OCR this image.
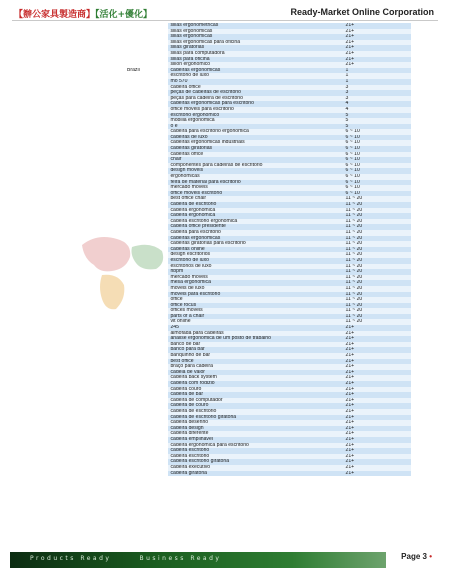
【辦公家具製造商】【活化+優化】	Ready-Market Online Corporation
		sillas ergonometricas	21+
		sillas ergonomicas	21+
		sillas ergonomicas	21+
		sillas ergonomicas para oficina	21+
		sillas giratorias	21+
		sillas para computadora	21+
		sillas para oficina	21+
		sillon ergonomico	21+
Brazil		cadeiras ergonomicas	1
		escritorio de luxo	1
		mo 570	1
		cadeira office	3
		peças de cadeiras de escritorio	3
		peças para cadeira de escritorio	3
		cadeiras ergonomicas para escritorio	4
		office moveis para escritorio	4
		escritorio ergonomico	5
		mobilia ergonomica	5
		o e	5
		cadeira para escritorio ergonomica	6 ~ 10
		cadeiras de luxo	6 ~ 10
		cadeiras ergonomicas industriais	6 ~ 10
		cadeiras giratorias	6 ~ 10
		cadeiras office	6 ~ 10
		chair	6 ~ 10
		componentes para cadeiras de escritório	6 ~ 10
		design moveis	6 ~ 10
		ergonomicas	6 ~ 10
		feira de material para escritorio	6 ~ 10
		mercado moveis	6 ~ 10
		office moveis escritorio	6 ~ 10
		best office chair	11 ~ 20
		cadeira de escritório	11 ~ 20
		cadeira ergonomica	11 ~ 20
		cadeira ergonômica	11 ~ 20
		cadeira escritorio ergonomica	11 ~ 20
		cadeira office presidente	11 ~ 20
		cadeira para escritorio	11 ~ 20
		cadeiras ergonômicas	11 ~ 20
		cadeiras giratorias para escritório	11 ~ 20
		cadeiras online	11 ~ 20
		design escritorios	11 ~ 20
		escritório de luxo	11 ~ 20
		escritorios de luxo	11 ~ 20
		hbpm	11 ~ 20
		mercado moveis	11 ~ 20
		mesa ergonomica	11 ~ 20
		moveis de luxo	11 ~ 20
		moveis para escritório	11 ~ 20
		office	11 ~ 20
		office focus	11 ~ 20
		offices moveis	11 ~ 20
		parts of a chair	11 ~ 20
		vit online	11 ~ 20
		245	21+
		almofada para cadeiras	21+
		analise ergonomica de um posto de trabalho	21+
		banco de bar	21+
		banco para bar	21+
		banquinho de bar	21+
		best office	21+
		braço para cadeira	21+
		cadeia de valor	21+
		cadeira back system	21+
		cadeira com rodizio	21+
		cadeira couro	21+
		cadeira de bar	21+
		cadeira de computador	21+
		cadeira de couro	21+
		cadeira de escritorio	21+
		cadeira de escritorio giratoria	21+
		cadeira desenho	21+
		cadeira design	21+
		cadeira diferente	21+
		cadeira empilhavel	21+
		cadeira ergonomica para escritorio	21+
		cadeira escritorio	21+
		cadeira escritório	21+
		cadeira escritorio giratoria	21+
		cadeira executivo	21+
		cadeira giratoria	21+
Products Ready	Business Ready	Page 3 •
